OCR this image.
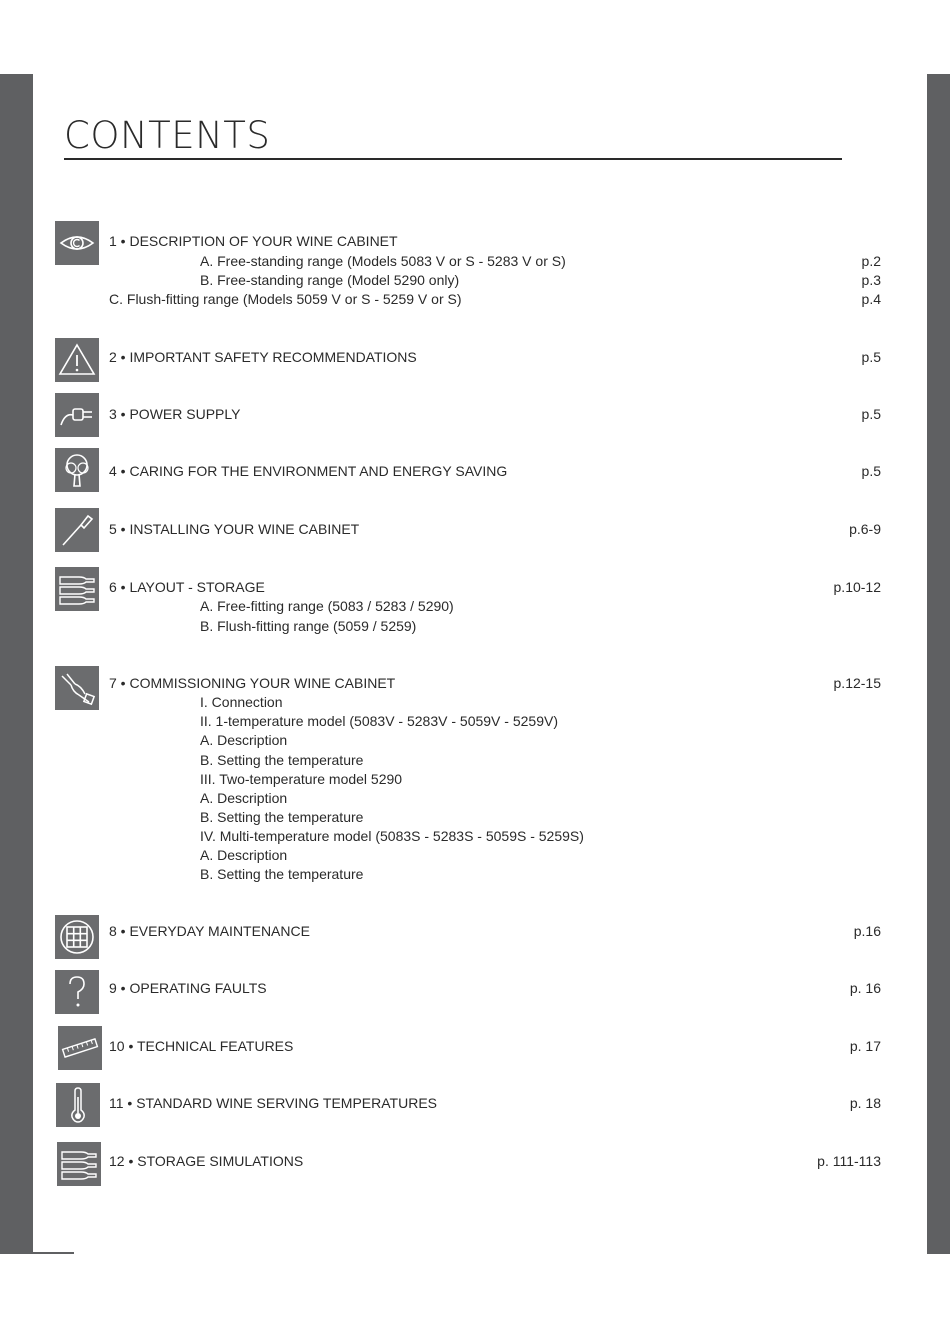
CONTENTS
1 • DESCRIPTION OF YOUR WINE CABINET
A. Free-standing range (Models 5083 V or S - 5283 V or S)	p.2
B. Free-standing range (Model 5290 only)	p.3
C. Flush-fitting range (Models 5059 V or S - 5259 V or S)	p.4
2 • IMPORTANT SAFETY RECOMMENDATIONS	p.5
3 • POWER SUPPLY	p.5
4 • CARING FOR THE ENVIRONMENT AND ENERGY SAVING	p.5
5 • INSTALLING YOUR WINE CABINET	p.6-9
6 • LAYOUT - STORAGE	p.10-12
A. Free-fitting range (5083 / 5283 / 5290)
B. Flush-fitting range (5059 / 5259)
7 • COMMISSIONING YOUR WINE CABINET	p.12-15
I. Connection
II. 1-temperature model (5083V - 5283V - 5059V - 5259V)
A. Description
B. Setting the temperature
III. Two-temperature model 5290
A. Description
B. Setting the temperature
IV. Multi-temperature model (5083S - 5283S - 5059S - 5259S)
A. Description
B. Setting the temperature
8 • EVERYDAY MAINTENANCE	p.16
9 • OPERATING FAULTS	p. 16
10 • TECHNICAL FEATURES	p. 17
11 • STANDARD WINE SERVING TEMPERATURES	p. 18
12 • STORAGE SIMULATIONS	p. 111-113
